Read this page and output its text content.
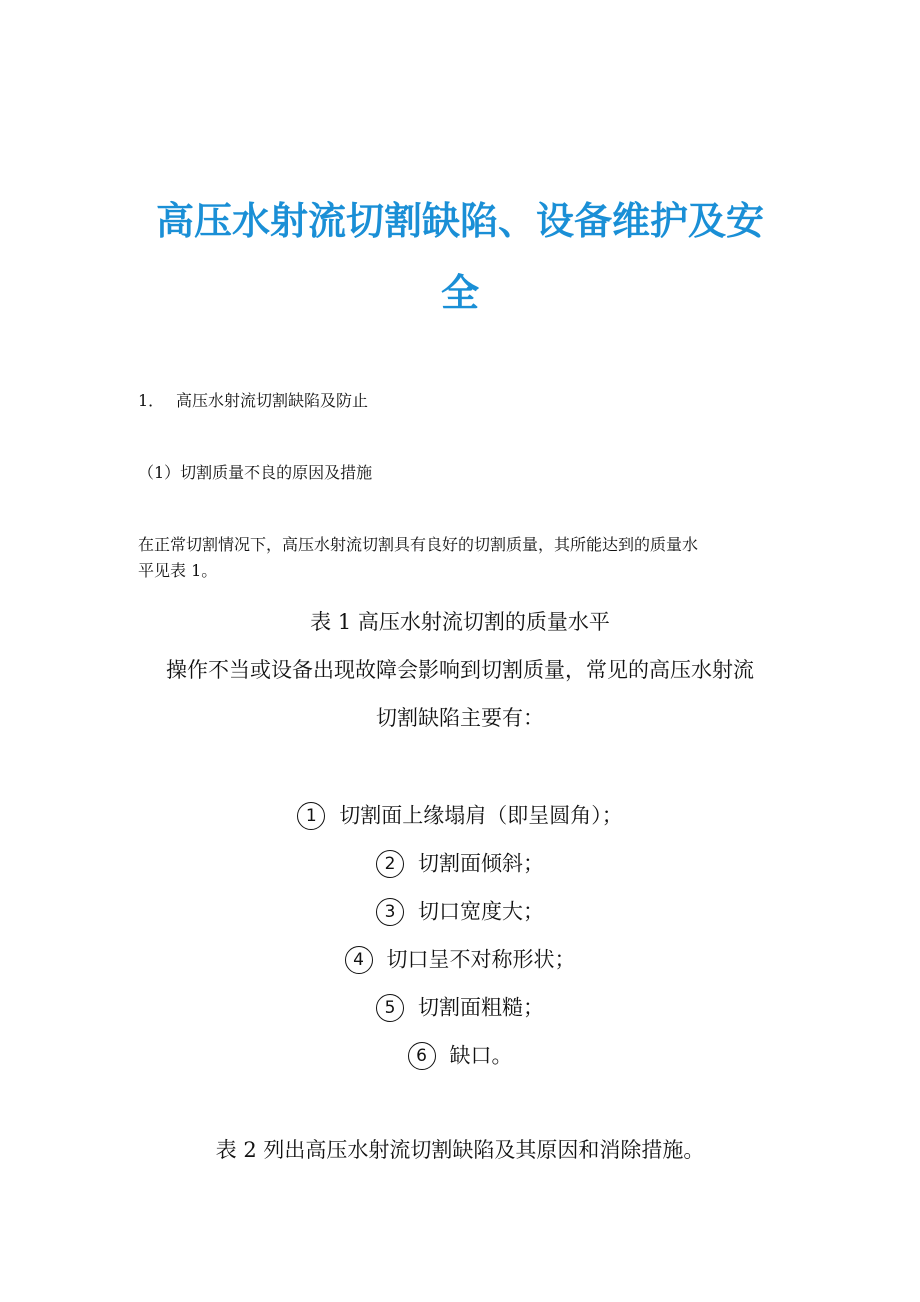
高压水射流切割缺陷、设备维护及安
全
1． 高压水射流切割缺陷及防止

（1）切割质量不良的原因及措施

在正常切割情况下，高压水射流切割具有良好的切割质量，其所能达到的质量水

平见表 1。

表 1 高压水射流切割的质量水平

操作不当或设备出现故障会影响到切割质量，常见的高压水射流

切割缺陷主要有：

1 切割面上缘塌肩（即呈圆角）；
2 切割面倾斜；
3 切口宽度大；
4 切口呈不对称形状；
5 切割面粗糙；
6 缺口。

表 2 列出高压水射流切割缺陷及其原因和消除措施。
